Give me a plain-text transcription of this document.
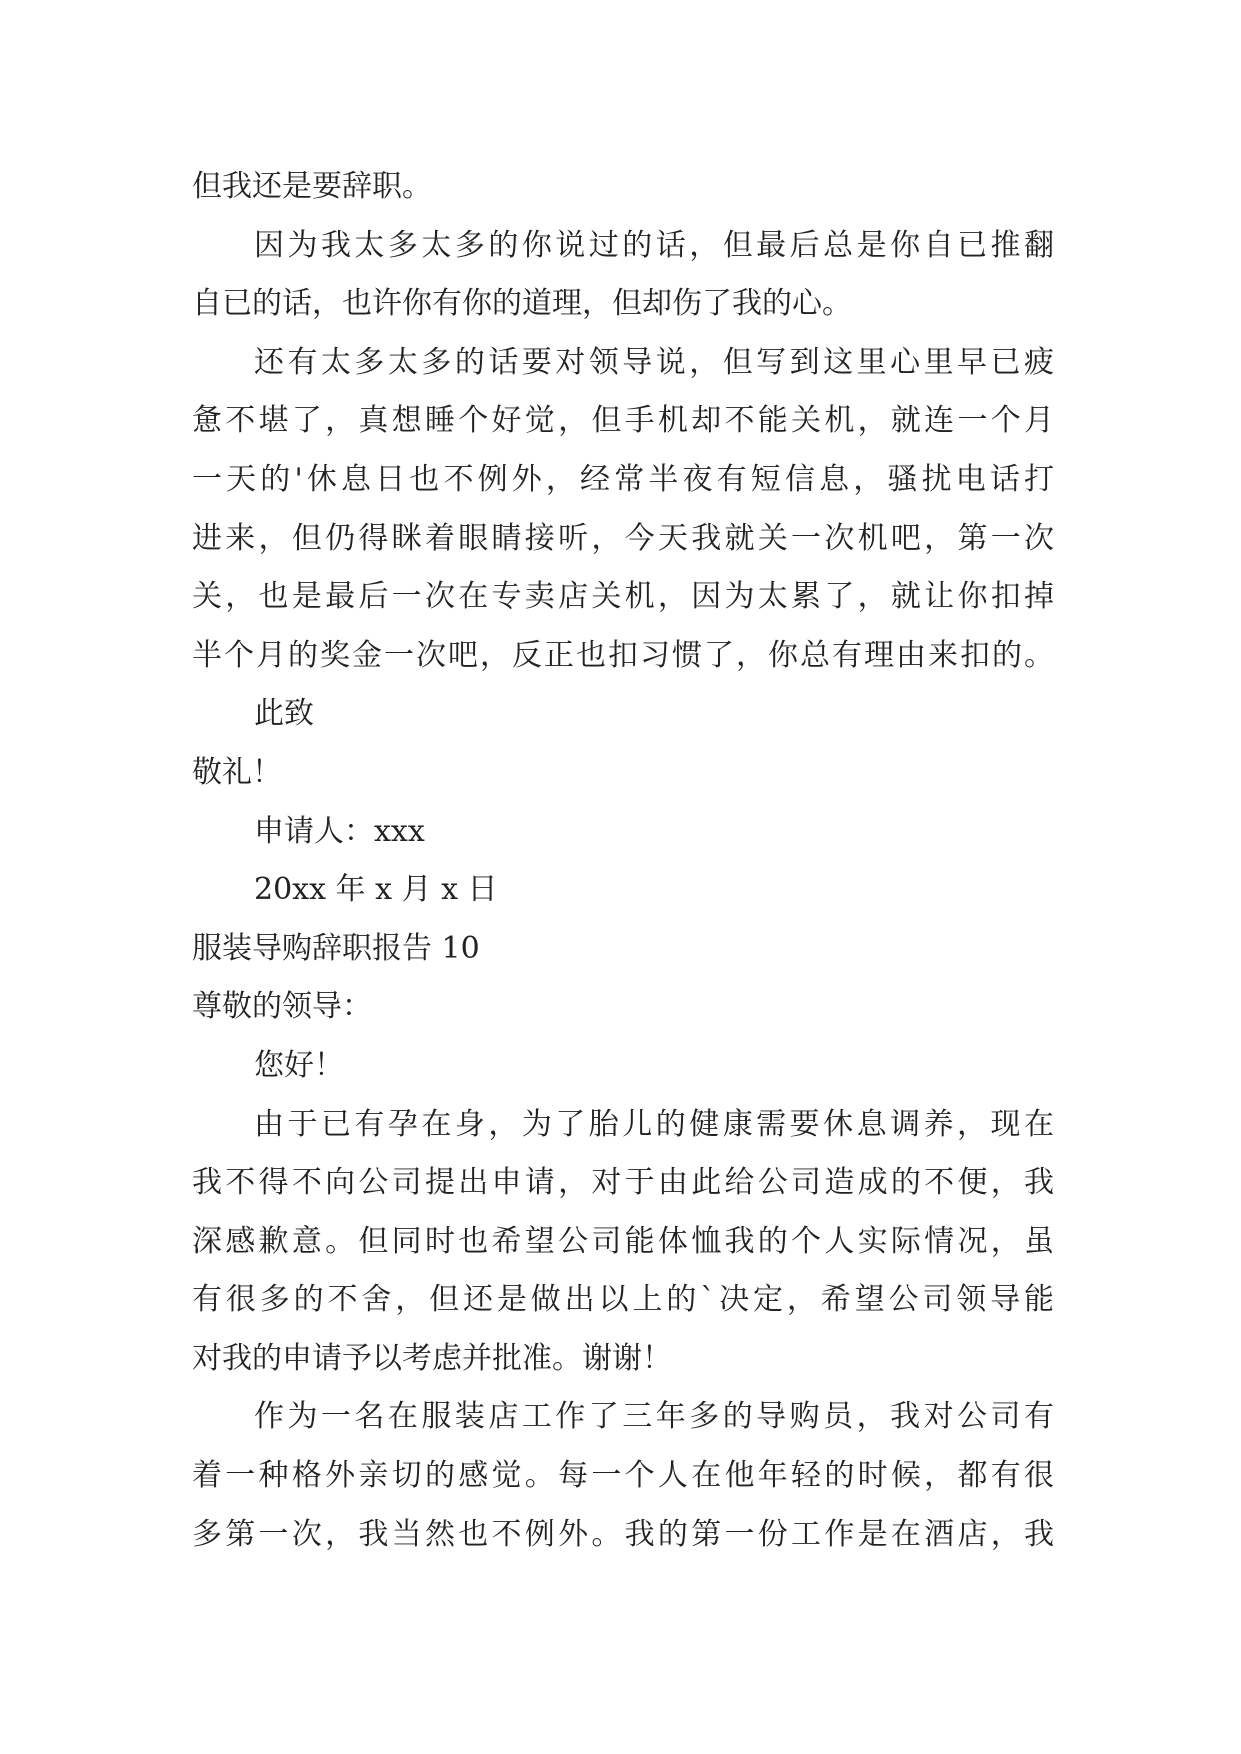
但我还是要辞职。
因为我太多太多的你说过的话，但最后总是你自已推翻
自已的话，也许你有你的道理，但却伤了我的心。
还有太多太多的话要对领导说，但写到这里心里早已疲
惫不堪了，真想睡个好觉，但手机却不能关机，就连一个月
一天的'休息日也不例外，经常半夜有短信息，骚扰电话打
进来，但仍得眯着眼睛接听，今天我就关一次机吧，第一次
关，也是最后一次在专卖店关机，因为太累了，就让你扣掉
半个月的奖金一次吧，反正也扣习惯了，你总有理由来扣的。
此致
敬礼！
申请人：xxx
20xx 年 x 月 x 日
服装导购辞职报告 10
尊敬的领导：
您好！
由于已有孕在身，为了胎儿的健康需要休息调养，现在
我不得不向公司提出申请，对于由此给公司造成的不便，我
深感歉意。但同时也希望公司能体恤我的个人实际情况，虽
有很多的不舍，但还是做出以上的`决定，希望公司领导能
对我的申请予以考虑并批准。谢谢！
作为一名在服装店工作了三年多的导购员，我对公司有
着一种格外亲切的感觉。每一个人在他年轻的时候，都有很
多第一次，我当然也不例外。我的第一份工作是在酒店，我
